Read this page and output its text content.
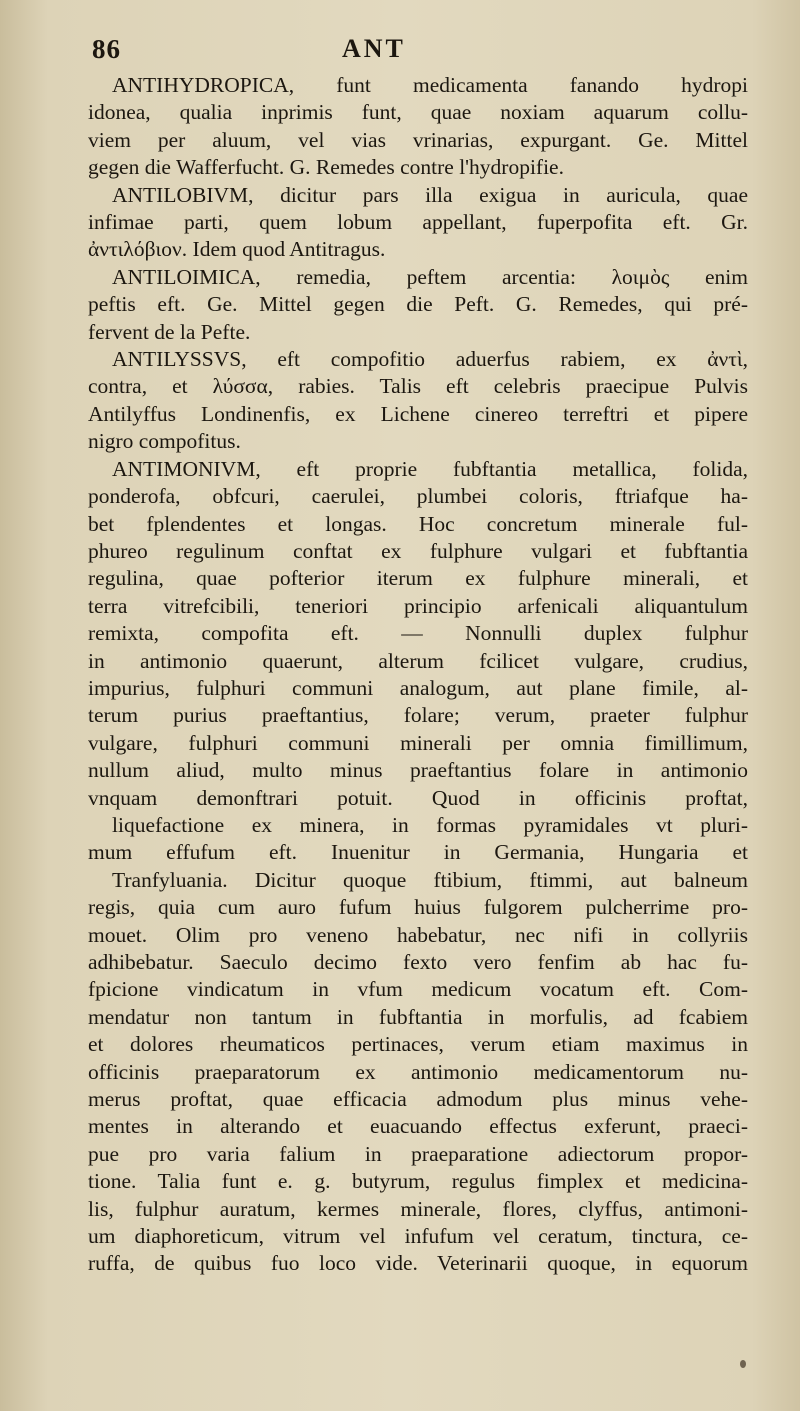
86	ANT
ANTIHYDROPICA, funt medicamenta fanando hydropi
idonea, qualia inprimis funt, quae noxiam aquarum collu-
viem per aluum, vel vias vrinarias, expurgant. Ge. Mittel
gegen die Wafferfucht. G. Remedes contre l'hydropifie.
ANTILOBIVM, dicitur pars illa exigua in auricula, quae
infimae parti, quem lobum appellant, fuperpofita eft. Gr.
ἀντιλόβιον. Idem quod Antitragus.
ANTILOIMICA, remedia, peftem arcentia: λοιμὸς enim
peftis eft. Ge. Mittel gegen die Peft. G. Remedes, qui pré-
fervent de la Pefte.
ANTILYSSVS, eft compofitio aduerfus rabiem, ex ἀντὶ,
contra, et λύσσα, rabies. Talis eft celebris praecipue Pulvis
Antilyffus Londinenfis, ex Lichene cinereo terreftri et pipere
nigro compofitus.
ANTIMONIVM, eft proprie fubftantia metallica, folida,
ponderofa, obfcuri, caerulei, plumbei coloris, ftriafque ha-
bet fplendentes et longas. Hoc concretum minerale ful-
phureo regulinum conftat ex fulphure vulgari et fubftantia
regulina, quae pofterior iterum ex fulphure minerali, et
terra vitrefcibili, teneriori principio arfenicali aliquantulum
remixta, compofita eft. — Nonnulli duplex fulphur
in antimonio quaerunt, alterum fcilicet vulgare, crudius,
impurius, fulphuri communi analogum, aut plane fimile, al-
terum purius praeftantius, folare; verum, praeter fulphur
vulgare, fulphuri communi minerali per omnia fimillimum,
nullum aliud, multo minus praeftantius folare in antimonio
vnquam demonftrari potuit. Quod in officinis proftat,
liquefactione ex minera, in formas pyramidales vt pluri-
mum effufum eft. Inuenitur in Germania, Hungaria et
Tranfyluania. Dicitur quoque ftibium, ftimmi, aut balneum
regis, quia cum auro fufum huius fulgorem pulcherrime pro-
mouet. Olim pro veneno habebatur, nec nifi in collyriis
adhibebatur. Saeculo decimo fexto vero fenfim ab hac fu-
fpicione vindicatum in vfum medicum vocatum eft. Com-
mendatur non tantum in fubftantia in morfulis, ad fcabiem
et dolores rheumaticos pertinaces, verum etiam maximus in
officinis praeparatorum ex antimonio medicamentorum nu-
merus proftat, quae efficacia admodum plus minus vehe-
mentes in alterando et euacuando effectus exferunt, praeci-
pue pro varia falium in praeparatione adiectorum propor-
tione. Talia funt e. g. butyrum, regulus fimplex et medicina-
lis, fulphur auratum, kermes minerale, flores, clyffus, antimoni-
um diaphoreticum, vitrum vel infufum vel ceratum, tinctura, ce-
ruffa, de quibus fuo loco vide. Veterinarii quoque, in equorum
